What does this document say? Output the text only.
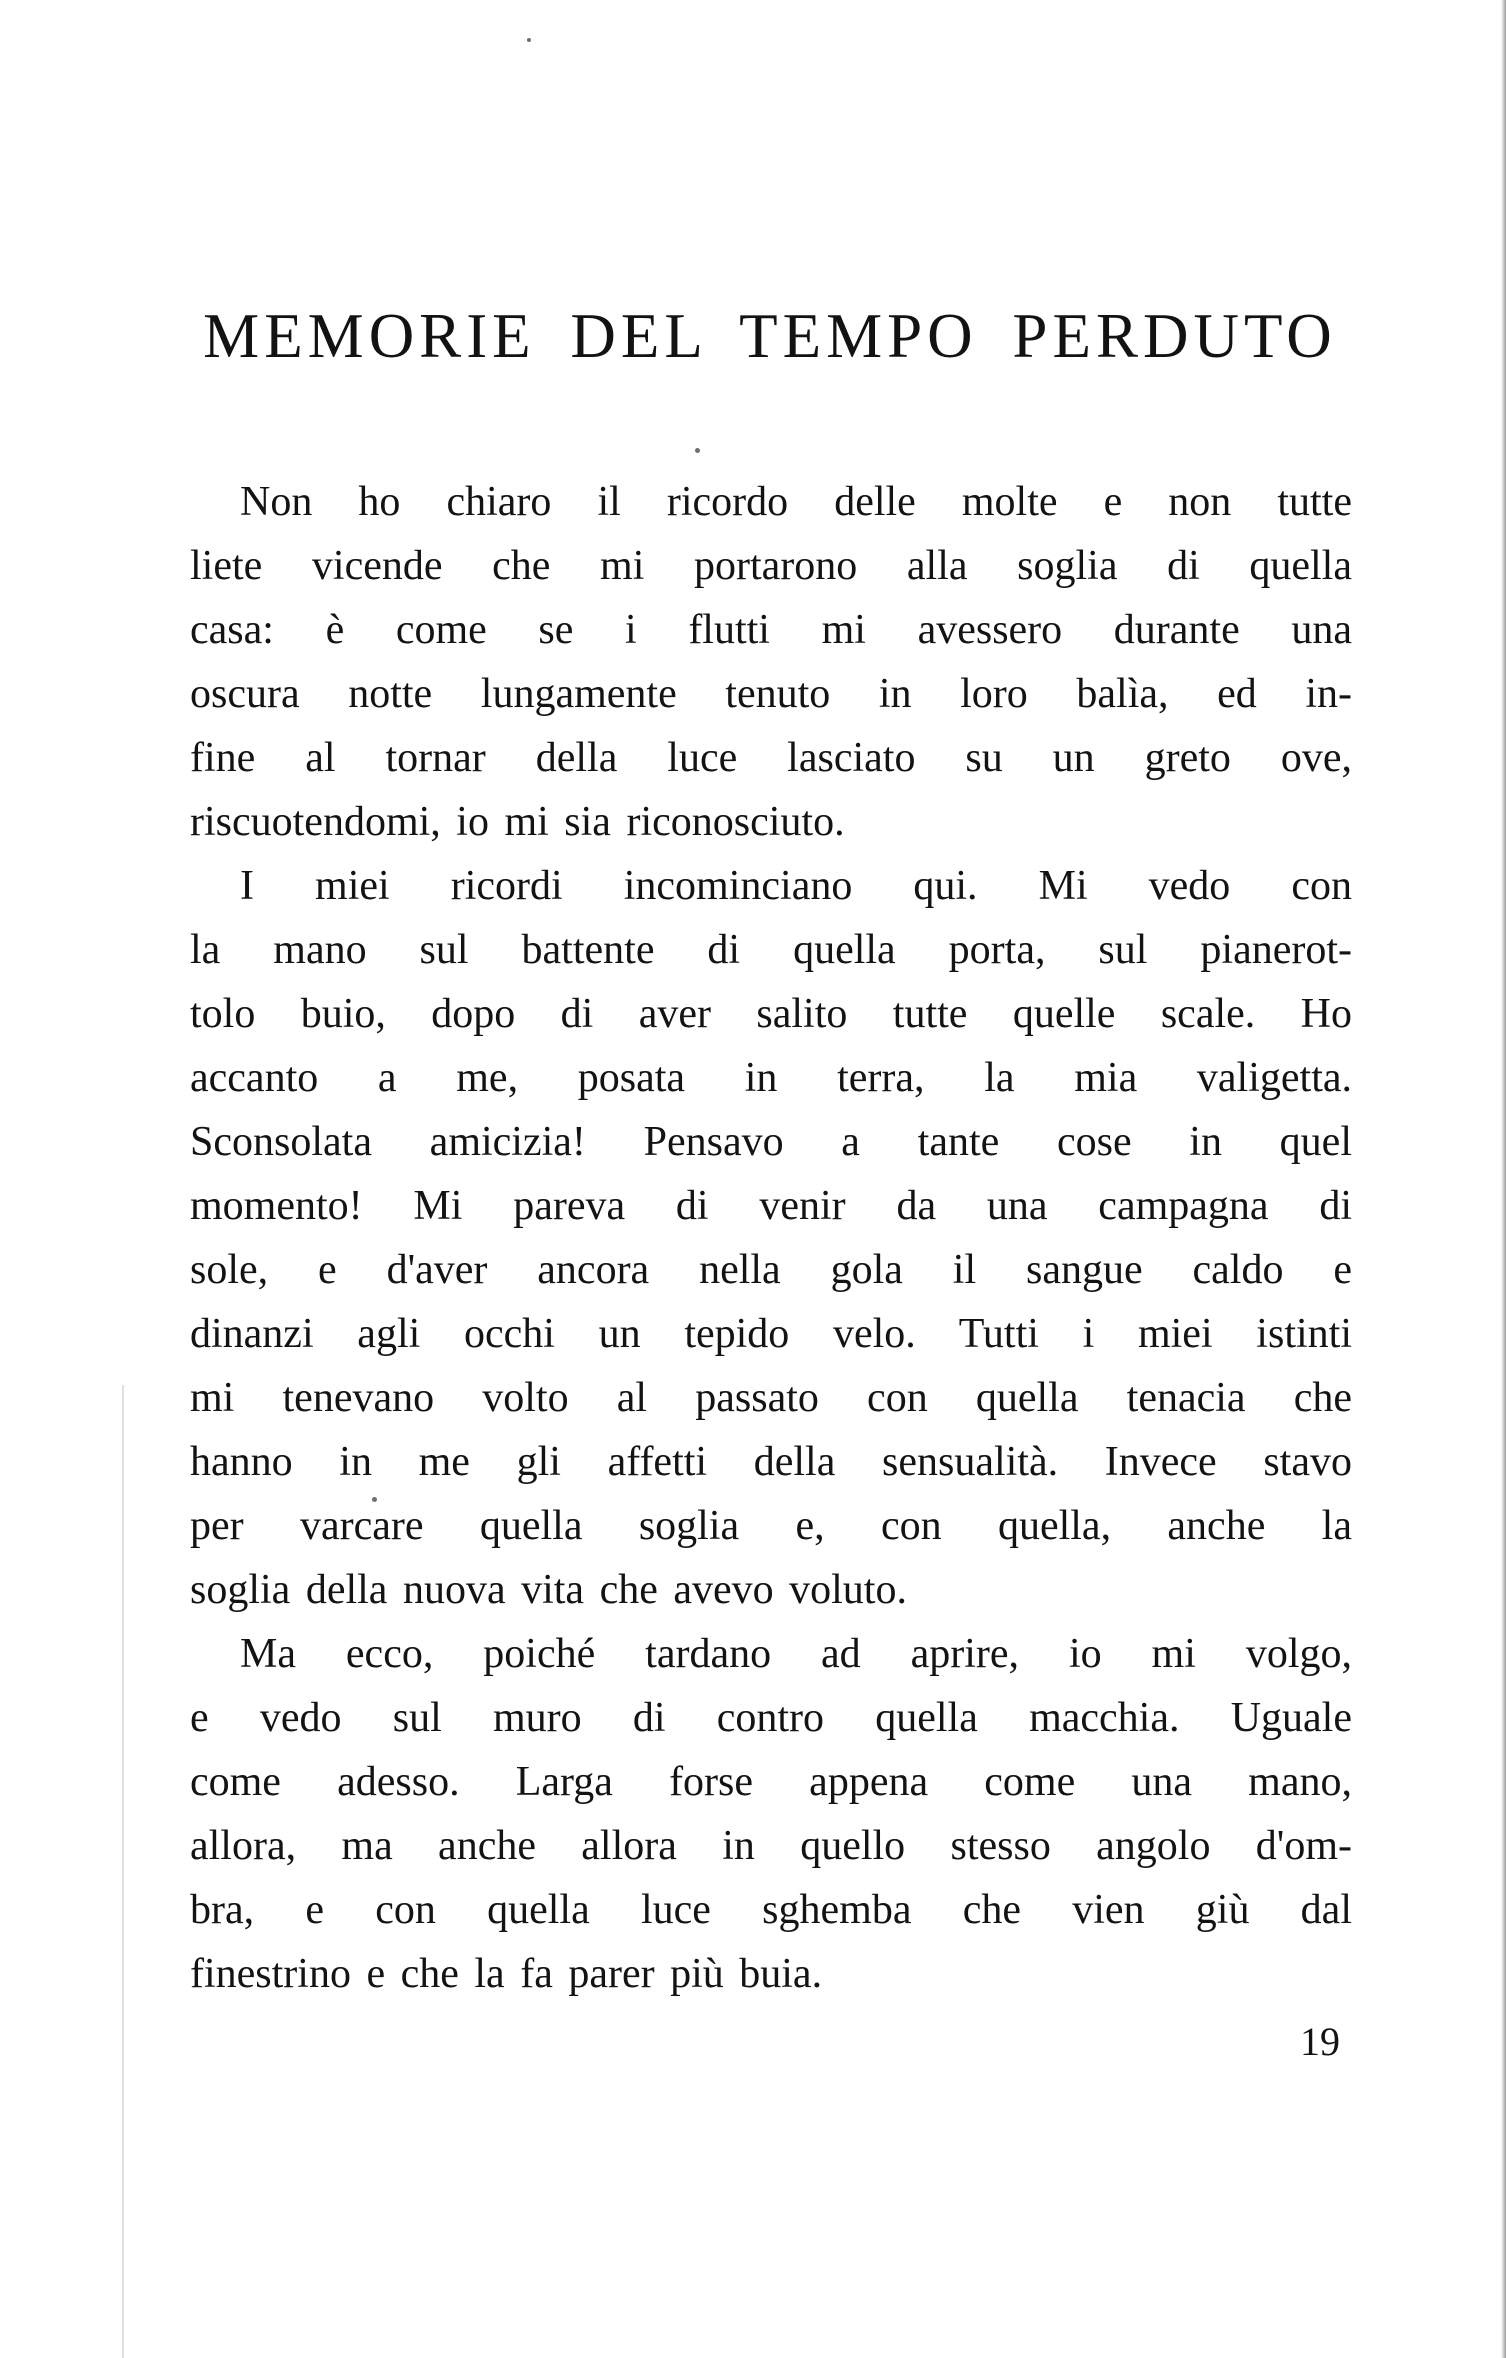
MEMORIE DEL TEMPO PERDUTO
Non ho chiaro il ricordo delle molte e non tutte
liete vicende che mi portarono alla soglia di quella
casa: è come se i flutti mi avessero durante una
oscura notte lungamente tenuto in loro balìa, ed in-
fine al tornar della luce lasciato su un greto ove,
riscuotendomi, io mi sia riconosciuto.
I miei ricordi incominciano qui. Mi vedo con
la mano sul battente di quella porta, sul pianerot-
tolo buio, dopo di aver salito tutte quelle scale. Ho
accanto a me, posata in terra, la mia valigetta.
Sconsolata amicizia! Pensavo a tante cose in quel
momento! Mi pareva di venir da una campagna di
sole, e d'aver ancora nella gola il sangue caldo e
dinanzi agli occhi un tepido velo. Tutti i miei istinti
mi tenevano volto al passato con quella tenacia che
hanno in me gli affetti della sensualità. Invece stavo
per varcare quella soglia e, con quella, anche la
soglia della nuova vita che avevo voluto.
Ma ecco, poiché tardano ad aprire, io mi volgo,
e vedo sul muro di contro quella macchia. Uguale
come adesso. Larga forse appena come una mano,
allora, ma anche allora in quello stesso angolo d'om-
bra, e con quella luce sghemba che vien giù dal
finestrino e che la fa parer più buia.
19
